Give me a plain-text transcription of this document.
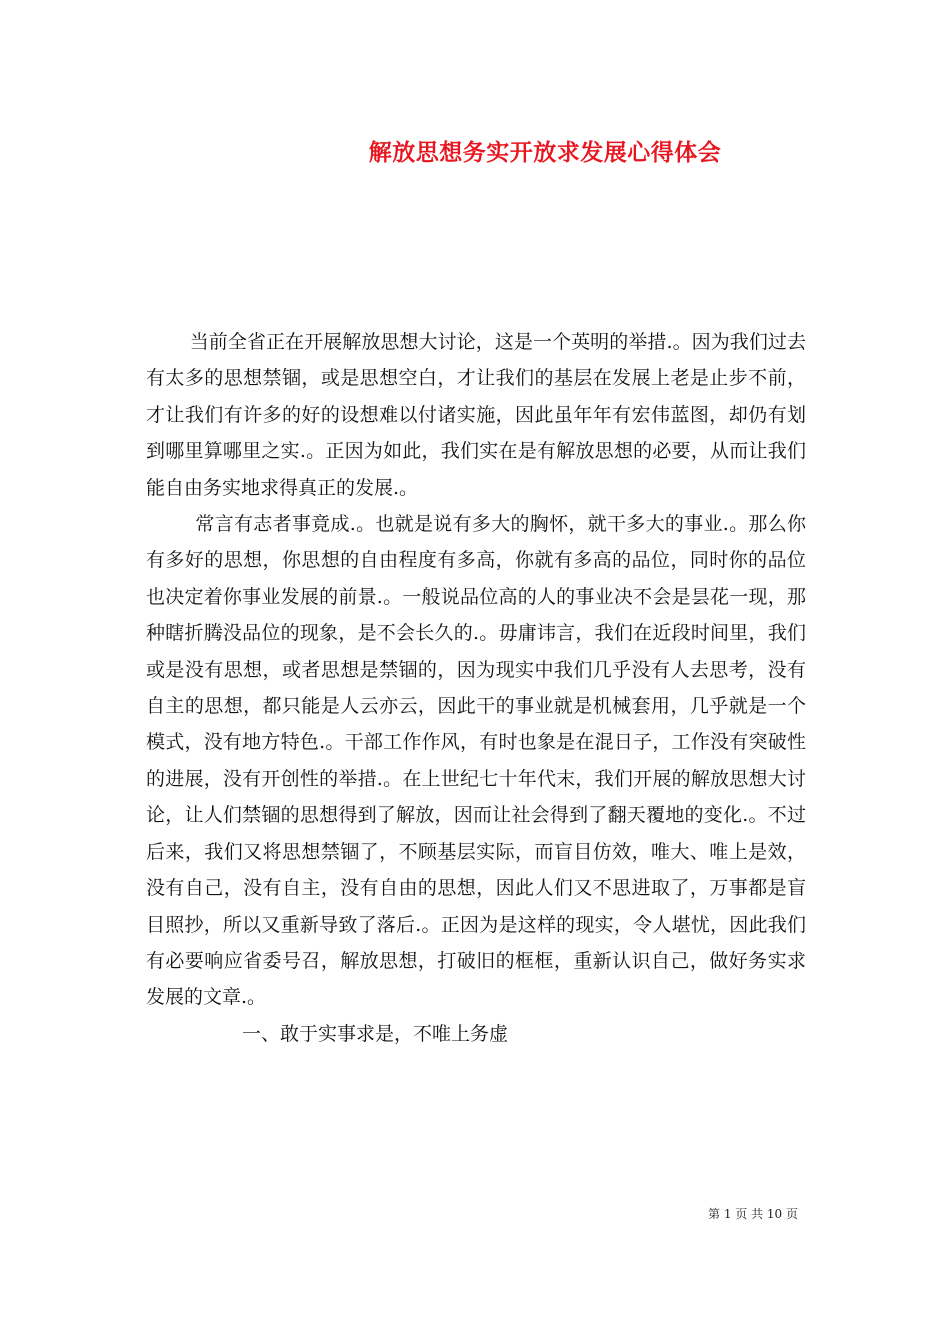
解放思想务实开放求发展心得体会

当前全省正在开展解放思想大讨论，这是一个英明的举措.。因为我们过去有太多的思想禁锢，或是思想空白，才让我们的基层在发展上老是止步不前，才让我们有许多的好的设想难以付诸实施，因此虽年年有宏伟蓝图，却仍有划到哪里算哪里之实.。正因为如此，我们实在是有解放思想的必要，从而让我们能自由务实地求得真正的发展.。

常言有志者事竟成.。也就是说有多大的胸怀，就干多大的事业.。那么你有多好的思想，你思想的自由程度有多高，你就有多高的品位，同时你的品位也决定着你事业发展的前景.。一般说品位高的人的事业决不会是昙花一现，那种瞎折腾没品位的现象，是不会长久的.。毋庸讳言，我们在近段时间里，我们或是没有思想，或者思想是禁锢的，因为现实中我们几乎没有人去思考，没有自主的思想，都只能是人云亦云，因此干的事业就是机械套用，几乎就是一个模式，没有地方特色.。干部工作作风，有时也象是在混日子，工作没有突破性的进展，没有开创性的举措.。在上世纪七十年代末，我们开展的解放思想大讨论，让人们禁锢的思想得到了解放，因而让社会得到了翻天覆地的变化.。不过后来，我们又将思想禁锢了，不顾基层实际，而盲目仿效，唯大、唯上是效，没有自己，没有自主，没有自由的思想，因此人们又不思进取了，万事都是盲目照抄，所以又重新导致了落后.。正因为是这样的现实，令人堪忧，因此我们有必要响应省委号召，解放思想，打破旧的框框，重新认识自己，做好务实求发展的文章.。

一、敢于实事求是，不唯上务虚

第 1 页 共 10 页
